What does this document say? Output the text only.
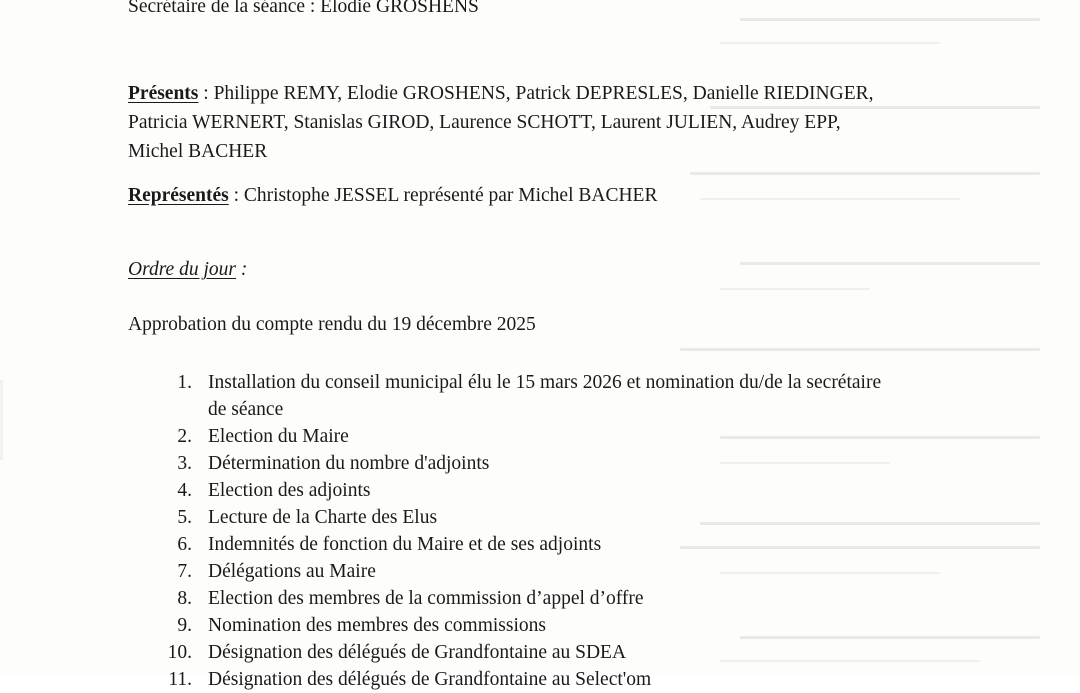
Secrétaire de la séance : Elodie GROSHENS
Présents : Philippe REMY, Elodie GROSHENS, Patrick DEPRESLES, Danielle RIEDINGER,
Patricia WERNERT, Stanislas GIROD, Laurence SCHOTT, Laurent JULIEN, Audrey EPP,
Michel BACHER
Représentés : Christophe JESSEL représenté par Michel BACHER
Ordre du jour :
Approbation du compte rendu du 19 décembre 2025
1. Installation du conseil municipal élu le 15 mars 2026 et nomination du/de la secrétaire
de séance
2. Election du Maire
3. Détermination du nombre d'adjoints
4. Election des adjoints
5. Lecture de la Charte des Elus
6. Indemnités de fonction du Maire et de ses adjoints
7. Délégations au Maire
8. Election des membres de la commission d’appel d’offre
9. Nomination des membres des commissions
10. Désignation des délégués de Grandfontaine au SDEA
11. Désignation des délégués de Grandfontaine au Select'om
